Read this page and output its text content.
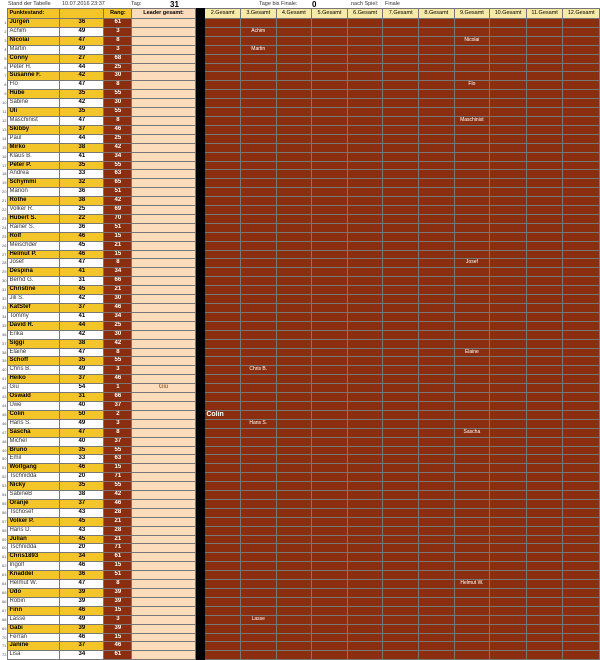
Stand der Tabelle 10.07.2016 23:37	Tag:	31	Tage bis Finale: 0	nach Spiel: Finale
	Punktestand:		Rang:	Leader gesamt:		2.Gesamt	3.Gesamt	4.Gesamt	5.Gesamt	6.Gesamt	7.Gesamt	8.Gesamt	9.Gesamt	10.Gesamt	11.Gesamt	12.Gesamt
1	Jürgen	36	61													
2	Achim	49	3				Achim									
3	Nicolai	47	8										Nicolai			
4	Martin	49	3				Martin									
5	Conny	27	68													
6	Peter H.	44	25													
7	Susanne F.	42	30													
8	Flo	47	8										Flo			
9	Hube	35	55													
10	Sabine	42	30													
11	Uli	35	55													
12	Maschinist	47	8										Maschinist			
13	Skibby	37	46													
14	Paul	44	25													
15	Mirko	38	42													
16	Klaus B.	41	34													
17	Peter P.	35	55													
18	Andrea	33	63													
19	Schymmi	32	65													
20	Marion	36	51													
21	Rothe	38	42													
22	Volker R.	25	69													
23	Hubert S.	22	70													
24	Rainer S.	36	51													
25	Rolf	46	15													
26	Meischder	45	21													
27	Helmut P.	46	15													
28	Josef	47	8										Josef			
29	Despina	41	34													
30	Bernd G.	31	66													
31	Christine	45	21													
32	Jili S.	42	30													
33	KatStef	37	46													
34	Tommy	41	34													
35	David R.	44	25													
36	Erika	42	30													
37	Siggi	38	42													
38	Elaine	47	8										Elaine			
39	Schoff	35	55													
40	Chris B.	49	3				Chris B.									
41	Heiko	37	46													
42	Giu	54	1	Giu												
43	Oswald	31	66													
44	Uwe	40	37													
45	Colin	50	2			Colin										
46	Hans S.	49	3				Hans S.									
47	Sascha	47	8										Sascha			
48	Michel	40	37													
49	Bruno	35	55													
50	Emil	33	63													
51	Wolfgang	46	15													
52	Tschnidda	20	71													
53	Nicky	35	55													
54	SabineB	38	42													
55	Oranje	37	46													
56	Tschosef	43	28													
57	Volker P.	45	21													
58	Hans D.	43	28													
59	Julian	45	21													
60	Tschnidda	20	71													
61	Chris1893	34	61													
62	Ingolf	46	15													
63	Knaddel	36	51													
64	Helmut W.	47	8										Helmut W.			
65	Udo	39	39													
66	Robin	39	39													
67	Finn	46	15													
68	Lasse	49	3				Lasse									
69	Gabi	39	39													
70	Ferran	46	15													
71	Janine	37	46													
72	Lisa	34	61													
